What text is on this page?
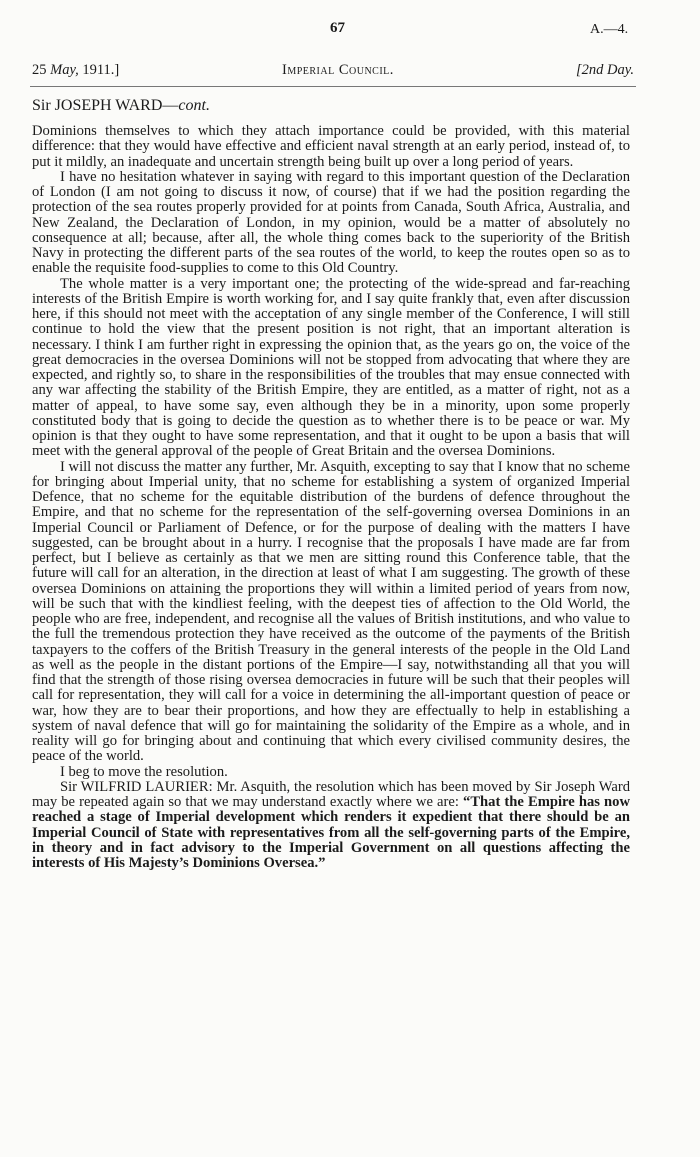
67	A.—4.
25 May, 1911.]	Imperial Council.	[2nd Day.
Sir JOSEPH WARD—cont.

Dominions themselves to which they attach importance could be provided, with this material difference: that they would have effective and efficient naval strength at an early period, instead of, to put it mildly, an inadequate and uncertain strength being built up over a long period of years.

I have no hesitation whatever in saying with regard to this important question of the Declaration of London (I am not going to discuss it now, of course) that if we had the position regarding the protection of the sea routes properly provided for at points from Canada, South Africa, Australia, and New Zealand, the Declaration of London, in my opinion, would be a matter of absolutely no consequence at all; because, after all, the whole thing comes back to the superiority of the British Navy in protecting the different parts of the sea routes of the world, to keep the routes open so as to enable the requisite food-supplies to come to this Old Country.

The whole matter is a very important one; the protecting of the wide-spread and far-reaching interests of the British Empire is worth working for, and I say quite frankly that, even after discussion here, if this should not meet with the acceptation of any single member of the Conference, I will still continue to hold the view that the present position is not right, that an important alteration is necessary. I think I am further right in expressing the opinion that, as the years go on, the voice of the great democracies in the oversea Dominions will not be stopped from advocating that where they are expected, and rightly so, to share in the responsibilities of the troubles that may ensue connected with any war affecting the stability of the British Empire, they are entitled, as a matter of right, not as a matter of appeal, to have some say, even although they be in a minority, upon some properly constituted body that is going to decide the question as to whether there is to be peace or war. My opinion is that they ought to have some representation, and that it ought to be upon a basis that will meet with the general approval of the people of Great Britain and the oversea Dominions.

I will not discuss the matter any further, Mr. Asquith, excepting to say that I know that no scheme for bringing about Imperial unity, that no scheme for establishing a system of organized Imperial Defence, that no scheme for the equitable distribution of the burdens of defence throughout the Empire, and that no scheme for the representation of the self-governing oversea Dominions in an Imperial Council or Parliament of Defence, or for the purpose of dealing with the matters I have suggested, can be brought about in a hurry. I recognise that the proposals I have made are far from perfect, but I believe as certainly as that we men are sitting round this Conference table, that the future will call for an alteration, in the direction at least of what I am suggesting. The growth of these oversea Dominions on attaining the proportions they will within a limited period of years from now, will be such that with the kindliest feeling, with the deepest ties of affection to the Old World, the people who are free, independent, and recognise all the values of British institutions, and who value to the full the tremendous protection they have received as the outcome of the payments of the British taxpayers to the coffers of the British Treasury in the general interests of the people in the Old Land as well as the people in the distant portions of the Empire—I say, notwithstanding all that you will find that the strength of those rising oversea democracies in future will be such that their peoples will call for representation, they will call for a voice in determining the all-important question of peace or war, how they are to bear their proportions, and how they are effectually to help in establishing a system of naval defence that will go for maintaining the solidarity of the Empire as a whole, and in reality will go for bringing about and continuing that which every civilised community desires, the peace of the world.

I beg to move the resolution.

Sir WILFRID LAURIER: Mr. Asquith, the resolution which has been moved by Sir Joseph Ward may be repeated again so that we may understand exactly where we are: “That the Empire has now reached a stage of Imperial development which renders it expedient that there should be an Imperial Council of State with representatives from all the self-governing parts of the Empire, in theory and in fact advisory to the Imperial Government on all questions affecting the interests of His Majesty’s Dominions Oversea.”
